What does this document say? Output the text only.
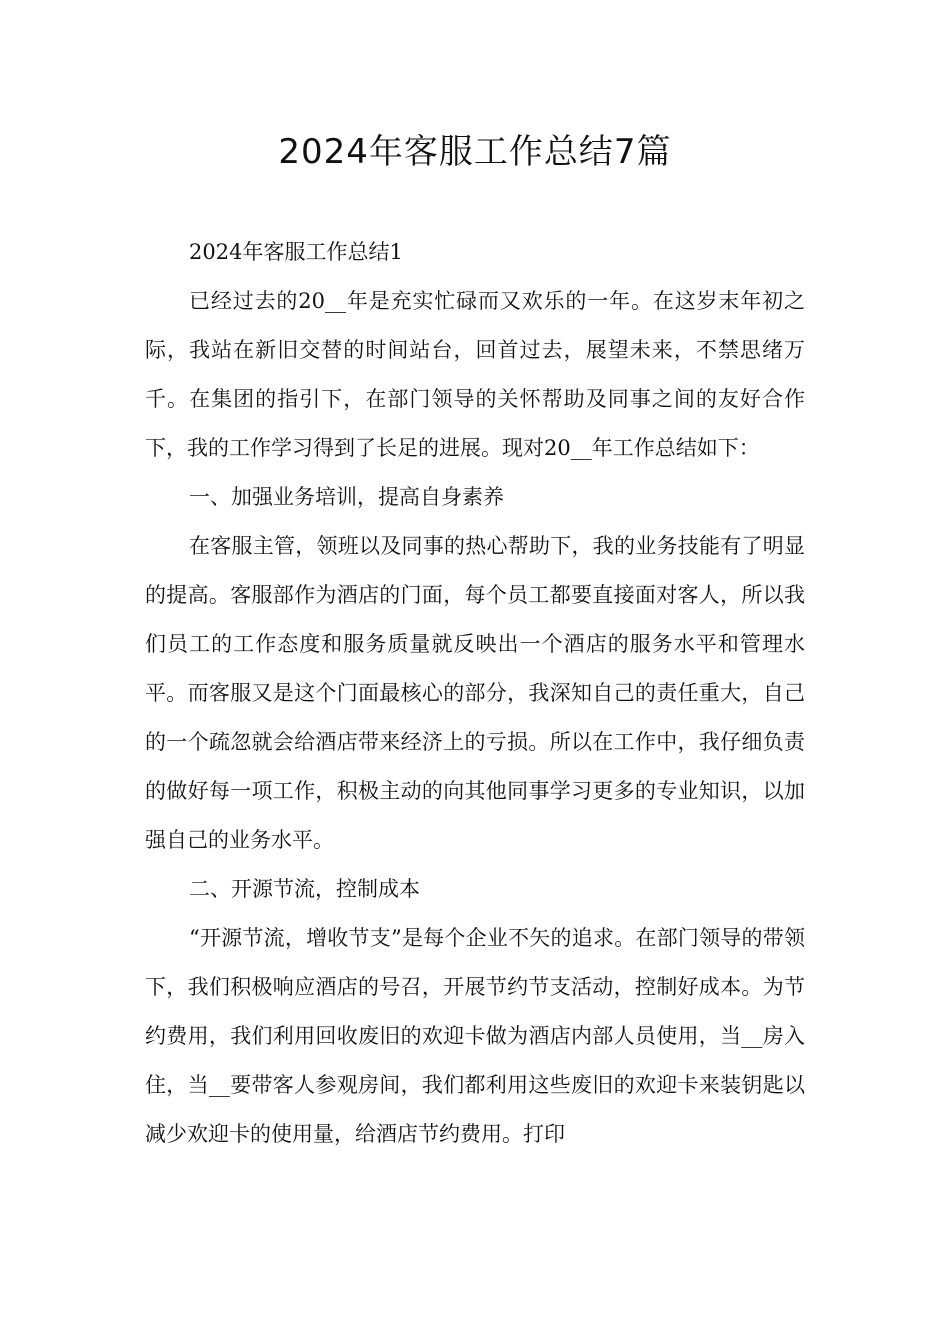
2024年客服工作总结7篇

2024年客服工作总结1

已经过去的20__年是充实忙碌而又欢乐的一年。在这岁末年初之际，我站在新旧交替的时间站台，回首过去，展望未来，不禁思绪万千。在集团的指引下，在部门领导的关怀帮助及同事之间的友好合作下，我的工作学习得到了长足的进展。现对20__年工作总结如下：

一、加强业务培训，提高自身素养

在客服主管，领班以及同事的热心帮助下，我的业务技能有了明显的提高。客服部作为酒店的门面，每个员工都要直接面对客人，所以我们员工的工作态度和服务质量就反映出一个酒店的服务水平和管理水平。而客服又是这个门面最核心的部分，我深知自己的责任重大，自己的一个疏忽就会给酒店带来经济上的亏损。所以在工作中，我仔细负责的做好每一项工作，积极主动的向其他同事学习更多的专业知识，以加强自己的业务水平。

二、开源节流，控制成本

“开源节流，增收节支”是每个企业不矢的追求。在部门领导的带领下，我们积极响应酒店的号召，开展节约节支活动，控制好成本。为节约费用，我们利用回收废旧的欢迎卡做为酒店内部人员使用，当__房入住，当__要带客人参观房间，我们都利用这些废旧的欢迎卡来装钥匙以减少欢迎卡的使用量，给酒店节约费用。打印
